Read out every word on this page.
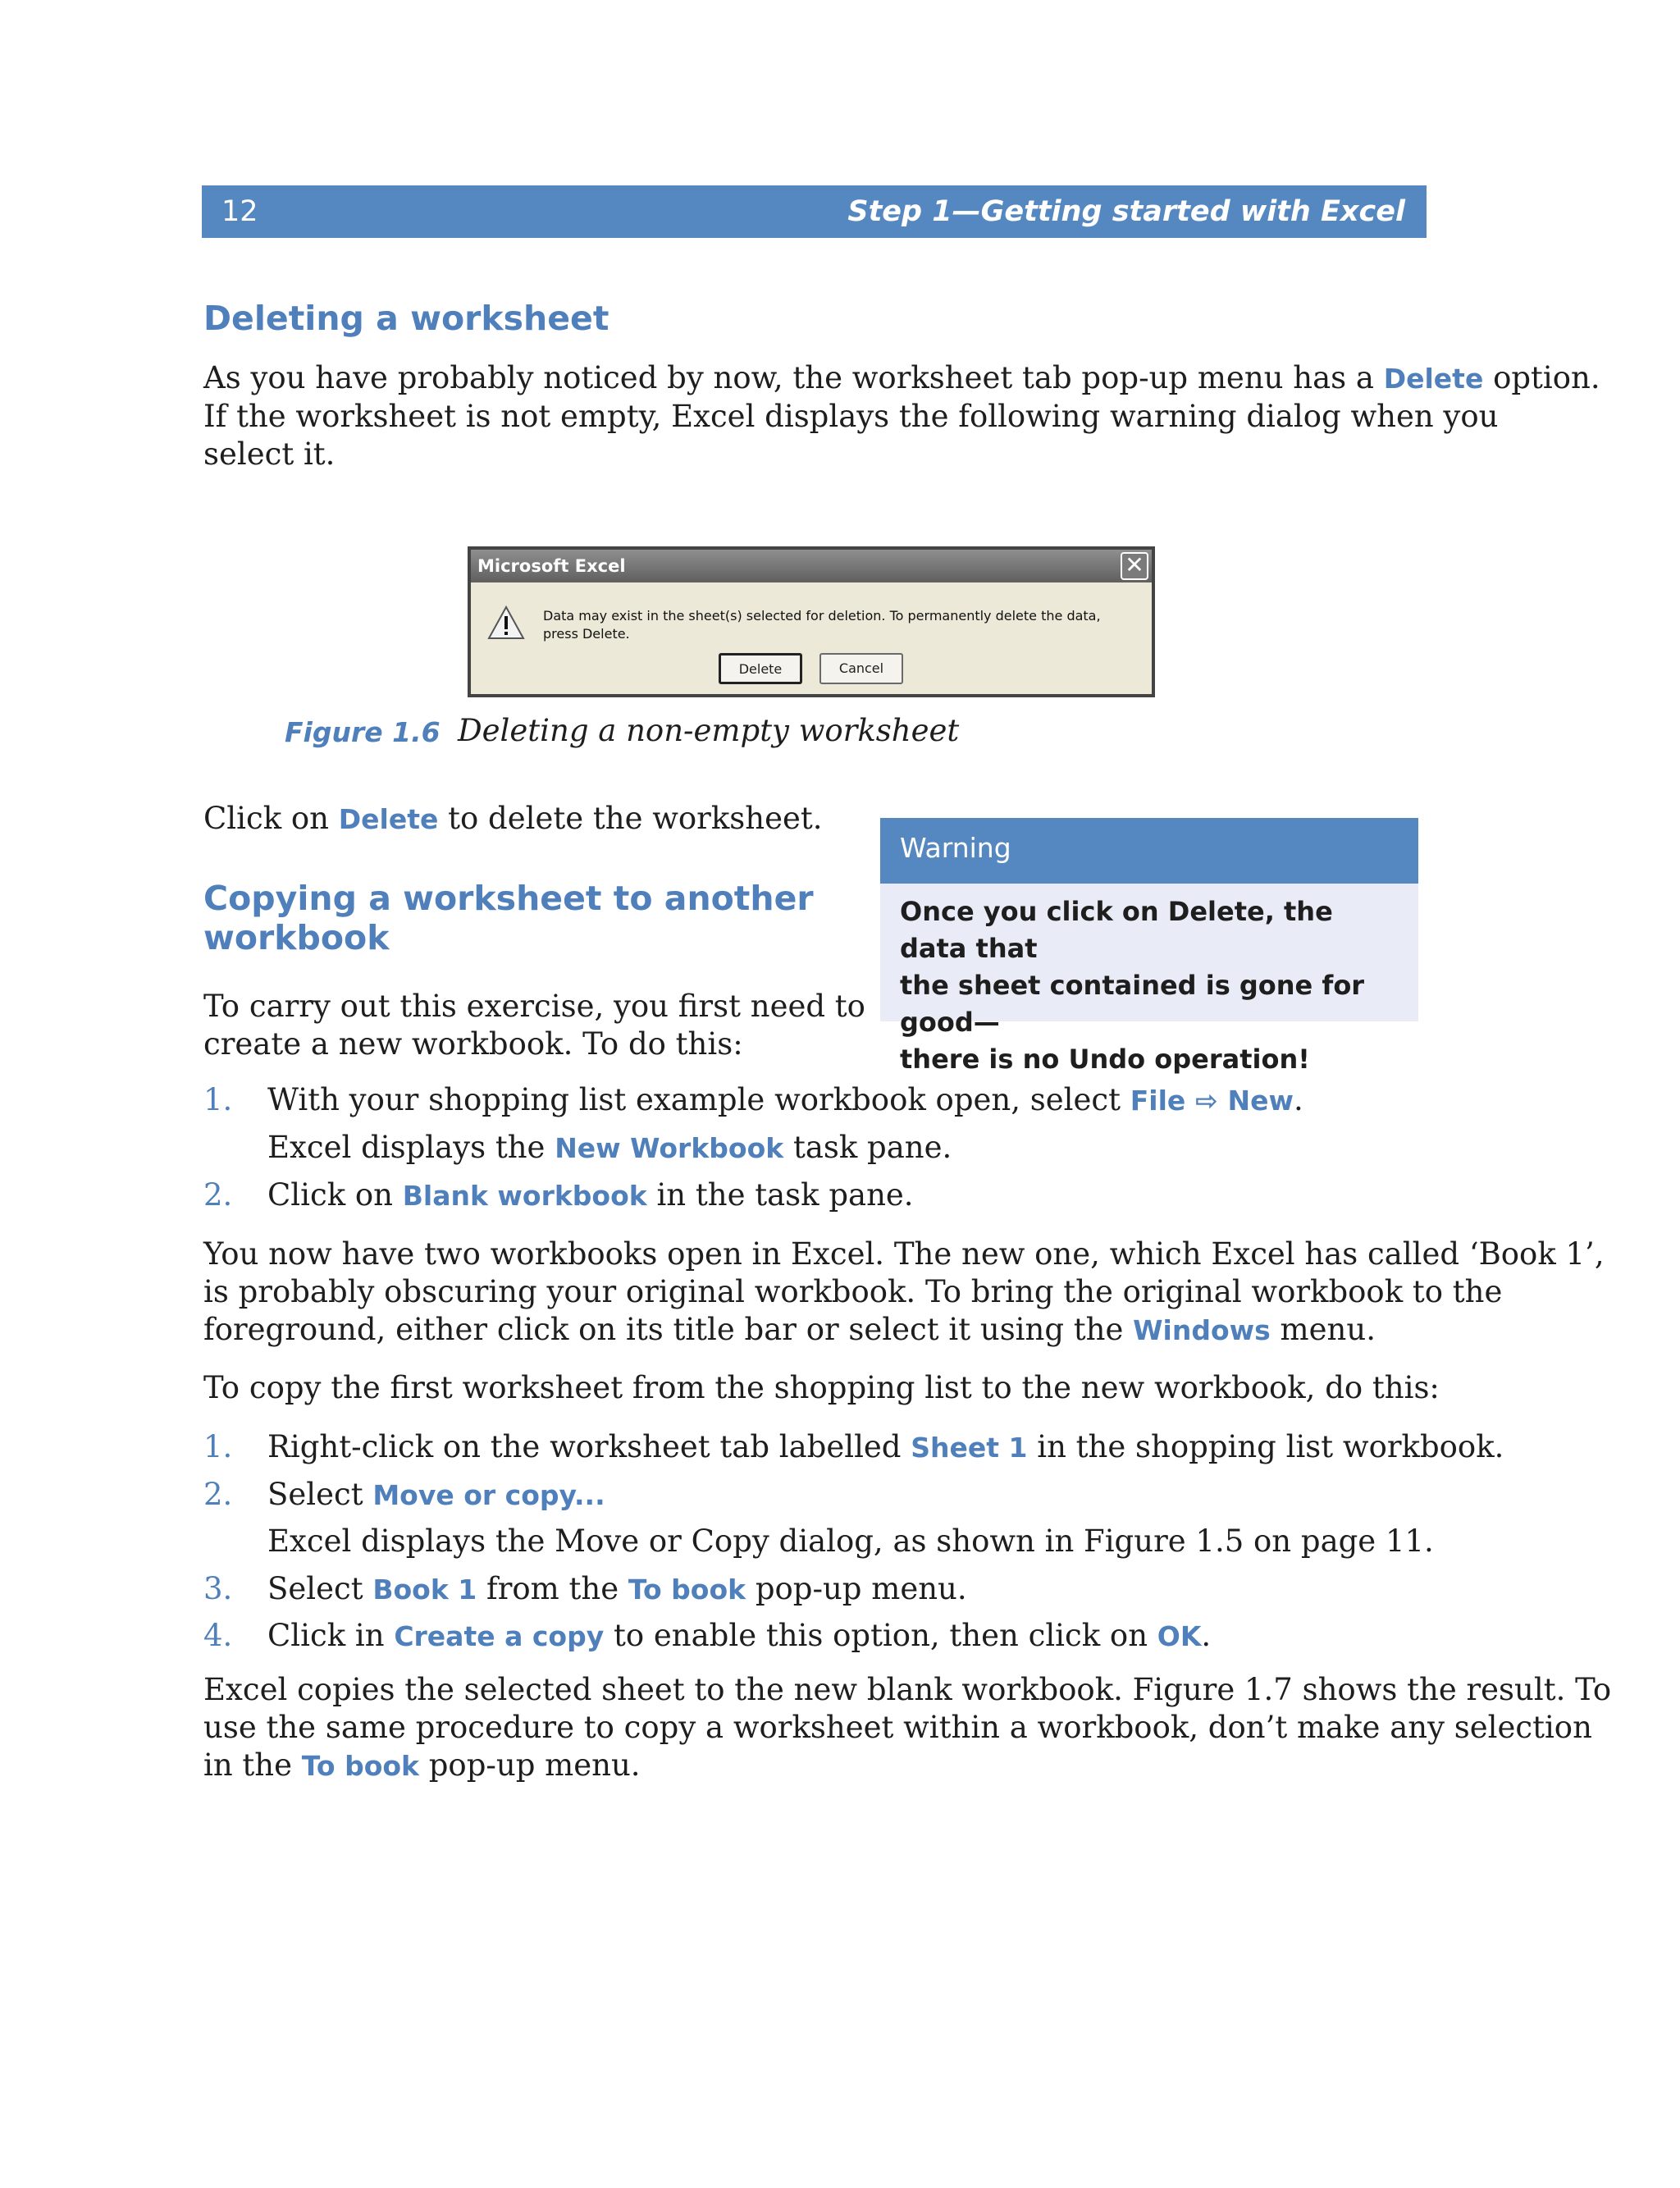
12	Step 1—Getting started with Excel
Deleting a worksheet
As you have probably noticed by now, the worksheet tab pop-up menu has a Delete option.
If the worksheet is not empty, Excel displays the following warning dialog when you
select it.
Microsoft Excel	✕
Data may exist in the sheet(s) selected for deletion. To permanently delete the data, press Delete.
Delete	Cancel
Figure 1.6 Deleting a non-empty worksheet
Click on Delete to delete the worksheet.
Warning
Once you click on Delete, the data that
the sheet contained is gone for good—
there is no Undo operation!
Copying a worksheet to another
workbook
To carry out this exercise, you first need to
create a new workbook. To do this:
1. With your shopping list example workbook open, select File ⇨ New.
Excel displays the New Workbook task pane.
2. Click on Blank workbook in the task pane.
You now have two workbooks open in Excel. The new one, which Excel has called ‘Book 1’,
is probably obscuring your original workbook. To bring the original workbook to the
foreground, either click on its title bar or select it using the Windows menu.
To copy the first worksheet from the shopping list to the new workbook, do this:
1. Right-click on the worksheet tab labelled Sheet 1 in the shopping list workbook.
2. Select Move or copy...
Excel displays the Move or Copy dialog, as shown in Figure 1.5 on page 11.
3. Select Book 1 from the To book pop-up menu.
4. Click in Create a copy to enable this option, then click on OK.
Excel copies the selected sheet to the new blank workbook. Figure 1.7 shows the result. To
use the same procedure to copy a worksheet within a workbook, don’t make any selection
in the To book pop-up menu.
